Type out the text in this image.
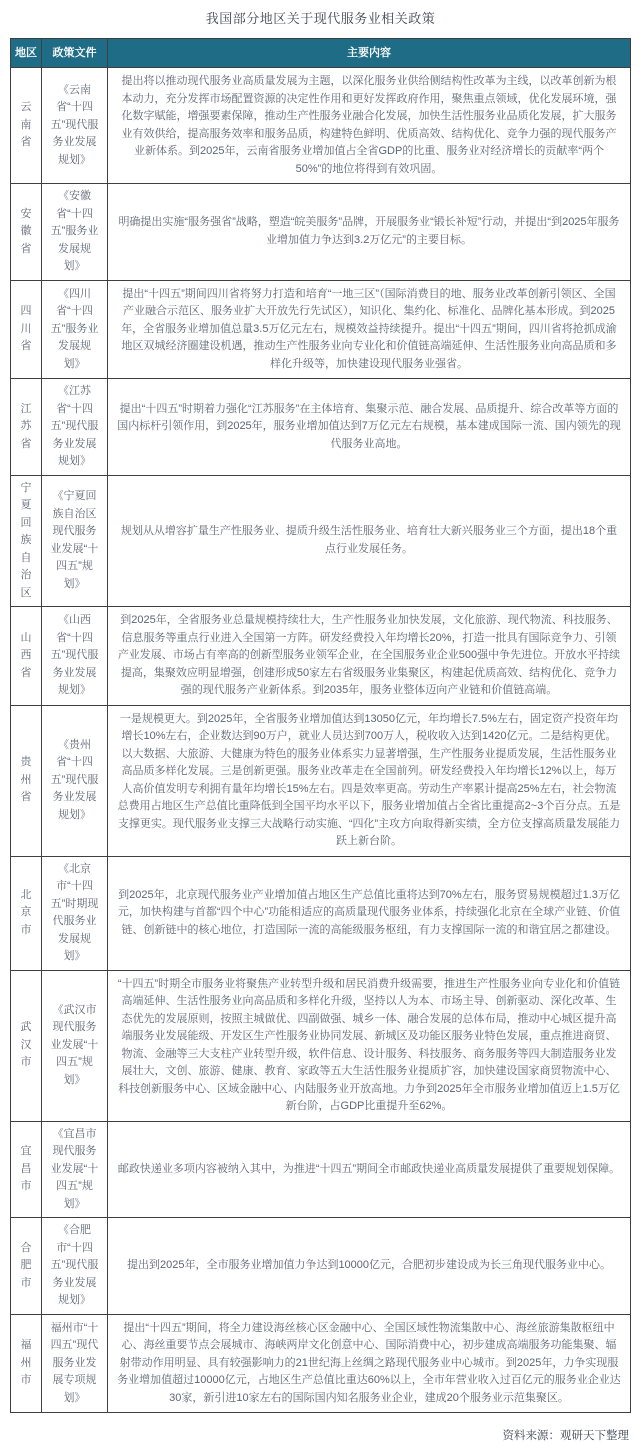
我国部分地区关于现代服务业相关政策
地区	政策文件	主要内容
云南省	《云南省“十四五”现代服务业发展规划》	提出将以推动现代服务业高质量发展为主题，以深化服务业供给侧结构性改革为主线，以改革创新为根本动力，充分发挥市场配置资源的决定性作用和更好发挥政府作用，聚焦重点领域，优化发展环境，强化数字赋能，增强要素保障，推动生产性服务业融合化发展，加快生活性服务业品质化发展，扩大服务业有效供给，提高服务效率和服务品质，构建特色鲜明、优质高效、结构优化、竞争力强的现代服务产业新体系。到2025年，云南省服务业增加值占全省GDP的比重、服务业对经济增长的贡献率“两个50%”的地位将得到有效巩固。
安徽省	《安徽省“十四五”服务业发展规划》	明确提出实施“服务强省”战略，塑造“皖美服务”品牌，开展服务业“锻长补短”行动，并提出“到2025年服务业增加值力争达到3.2万亿元”的主要目标。
四川省	《四川省“十四五”服务业发展规划》	提出“十四五”期间四川省将努力打造和培育“一地三区”（国际消费目的地、服务业改革创新引领区、全国产业融合示范区、服务业扩大开放先行先试区），知识化、集约化、标准化、品牌化基本形成。到2025年，全省服务业增加值总量3.5万亿元左右，规模效益持续提升。提出“十四五”期间，四川省将抢抓成渝地区双城经济圈建设机遇，推动生产性服务业向专业化和价值链高端延伸、生活性服务业向高品质和多样化升级等，加快建设现代服务业强省。
江苏省	《江苏省“十四五”现代服务业发展规划》	提出“十四五”时期着力强化“江苏服务”在主体培育、集聚示范、融合发展、品质提升、综合改革等方面的国内标杆引领作用，到2025年，服务业增加值达到7万亿元左右规模，基本建成国际一流、国内领先的现代服务业高地。
宁夏回族自治区	《宁夏回族自治区现代服务业发展“十四五”规划》	规划从从增容扩量生产性服务业、提质升级生活性服务业、培育壮大新兴服务业三个方面，提出18个重点行业发展任务。
山西省	《山西省“十四五”现代服务业发展规划》	到2025年，全省服务业总量规模持续壮大，生产性服务业加快发展，文化旅游、现代物流、科技服务、信息服务等重点行业进入全国第一方阵。研发经费投入年均增长20%，打造一批具有国际竞争力、引领产业发展、市场占有率高的创新型服务业领军企业，在全国服务业企业500强中争先进位。开放水平持续提高，集聚效应明显增强，创建形成50家左右省级服务业集聚区，构建起优质高效、结构优化、竞争力强的现代服务产业新体系。到2035年，服务业整体迈向产业链和价值链高端。
贵州省	《贵州省“十四五”现代服务业发展规划》	一是规模更大。到2025年，全省服务业增加值达到13050亿元，年均增长7.5%左右，固定资产投资年均增长10%左右，企业数达到90万户，就业人员达到700万人，税收收入达到1420亿元。二是结构更优。以大数据、大旅游、大健康为特色的服务业体系实力显著增强，生产性服务业提质发展，生活性服务业高品质多样化发展。三是创新更强。服务业改革走在全国前列。研发经费投入年均增长12%以上，每万人高价值发明专利拥有量年均增长15%左右。四是效率更高。劳动生产率累计提高25%左右，社会物流总费用占地区生产总值比重降低到全国平均水平以下，服务业增加值占全省比重提高2~3个百分点。五是支撑更实。现代服务业支撑三大战略行动实施、“四化”主攻方向取得新实绩，全方位支撑高质量发展能力跃上新台阶。
北京市	《北京市“十四五”时期现代服务业发展规划》	到2025年，北京现代服务业产业增加值占地区生产总值比重将达到70%左右，服务贸易规模超过1.3万亿元，加快构建与首都“四个中心”功能相适应的高质量现代服务业体系，持续强化北京在全球产业链、价值链、创新链中的核心地位，打造国际一流的高能级服务枢纽，有力支撑国际一流的和谐宜居之都建设。
武汉市	《武汉市现代服务业发展“十四五”规划》	“十四五”时期全市服务业将聚焦产业转型升级和居民消费升级需要，推进生产性服务业向专业化和价值链高端延伸、生活性服务业向高品质和多样化升级，坚持以人为本、市场主导、创新驱动、深化改革、生态优先的发展原则，按照主城做优、四副做强、城乡一体、融合发展的总体布局，推动中心城区提升高端服务业发展能级、开发区生产性服务业协同发展、新城区及功能区服务业特色发展，重点推进商贸、物流、金融等三大支柱产业转型升级，软件信息、设计服务、科技服务、商务服务等四大制造服务业发展壮大，文创、旅游、健康、教育、家政等五大生活性服务业提质扩容，加快建设国家商贸物流中心、科技创新服务中心、区域金融中心、内陆服务业开放高地。力争到2025年全市服务业增加值迈上1.5万亿新台阶，占GDP比重提升至62%。
宜昌市	《宜昌市现代服务业发展“十四五”规划》	邮政快递业多项内容被纳入其中，为推进“十四五”期间全市邮政快递业高质量发展提供了重要规划保障。
合肥市	《合肥市“十四五”现代服务业发展规划》	提出到2025年，全市服务业增加值力争达到10000亿元，合肥初步建设成为长三角现代服务业中心。
福州市	福州市“十四五”现代服务业发展专项规划》	提出“十四五”期间，将全力建设海丝核心区金融中心、全国区域性物流集散中心、海丝旅游集散枢纽中心、海丝重要节点会展城市、海峡两岸文化创意中心、国际消费中心，初步建成高端服务功能集聚、辐射带动作用明显、具有较强影响力的21世纪海上丝绸之路现代服务业中心城市。到2025年，力争实现服务业增加值超过10000亿元，占地区生产总值比重达60%以上，全市年营业收入过百亿元的服务业企业达30家，新引进10家左右的国际国内知名服务业企业，建成20个服务业示范集聚区。
资料来源：观研天下整理
